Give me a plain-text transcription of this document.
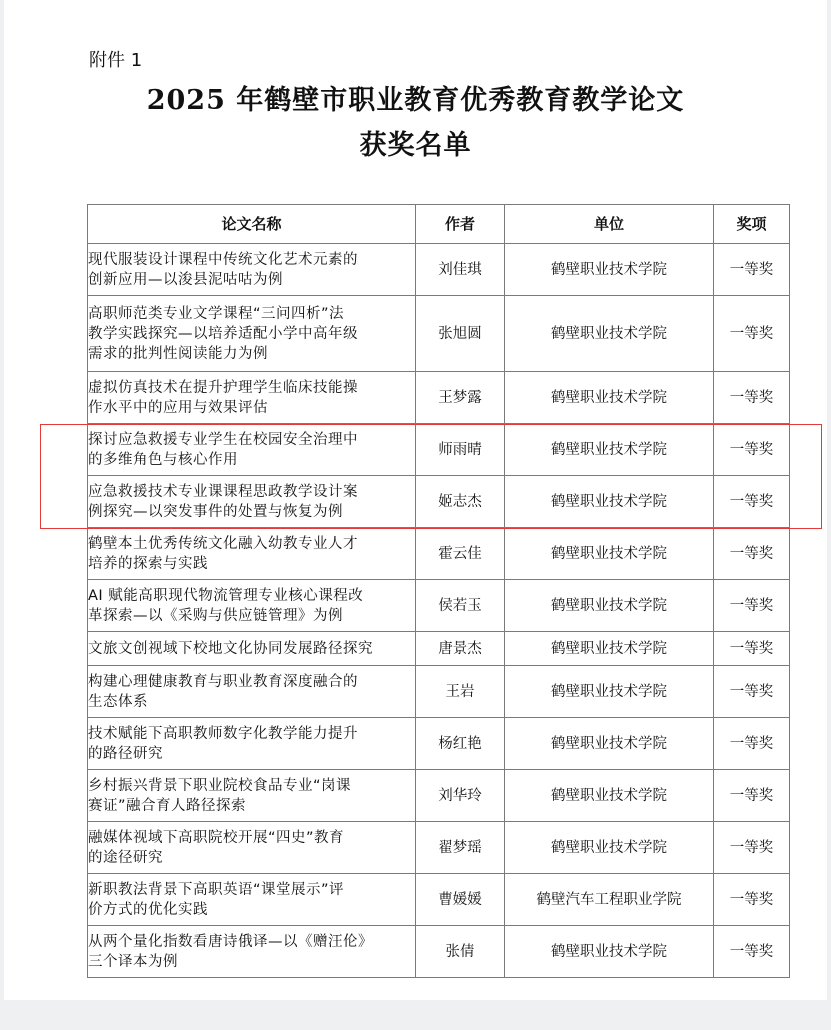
附件 1
2025 年鹤壁市职业教育优秀教育教学论文
获奖名单
论文名称	作者	单位	奖项

现代服装设计课程中传统文化艺术元素的
创新应用—以浚县泥咕咕为例	刘佳琪	鹤壁职业技术学院	一等奖

高职师范类专业文学课程“三问四析”法
教学实践探究—以培养适配小学中高年级
需求的批判性阅读能力为例	张旭圆	鹤壁职业技术学院	一等奖

虚拟仿真技术在提升护理学生临床技能操
作水平中的应用与效果评估	王梦露	鹤壁职业技术学院	一等奖

探讨应急救援专业学生在校园安全治理中
的多维角色与核心作用	师雨晴	鹤壁职业技术学院	一等奖

应急救援技术专业课课程思政教学设计案
例探究—以突发事件的处置与恢复为例	姬志杰	鹤壁职业技术学院	一等奖

鹤壁本土优秀传统文化融入幼教专业人才
培养的探索与实践	霍云佳	鹤壁职业技术学院	一等奖

AI 赋能高职现代物流管理专业核心课程改
革探索—以《采购与供应链管理》为例	侯若玉	鹤壁职业技术学院	一等奖

文旅文创视域下校地文化协同发展路径探究	唐景杰	鹤壁职业技术学院	一等奖

构建心理健康教育与职业教育深度融合的
生态体系	王岩	鹤壁职业技术学院	一等奖

技术赋能下高职教师数字化教学能力提升
的路径研究	杨红艳	鹤壁职业技术学院	一等奖

乡村振兴背景下职业院校食品专业“岗课
赛证”融合育人路径探索	刘华玲	鹤壁职业技术学院	一等奖

融媒体视域下高职院校开展“四史”教育
的途径研究	翟梦瑶	鹤壁职业技术学院	一等奖

新职教法背景下高职英语“课堂展示”评
价方式的优化实践	曹媛媛	鹤壁汽车工程职业学院	一等奖

从两个量化指数看唐诗俄译—以《赠汪伦》
三个译本为例	张倩	鹤壁职业技术学院	一等奖
